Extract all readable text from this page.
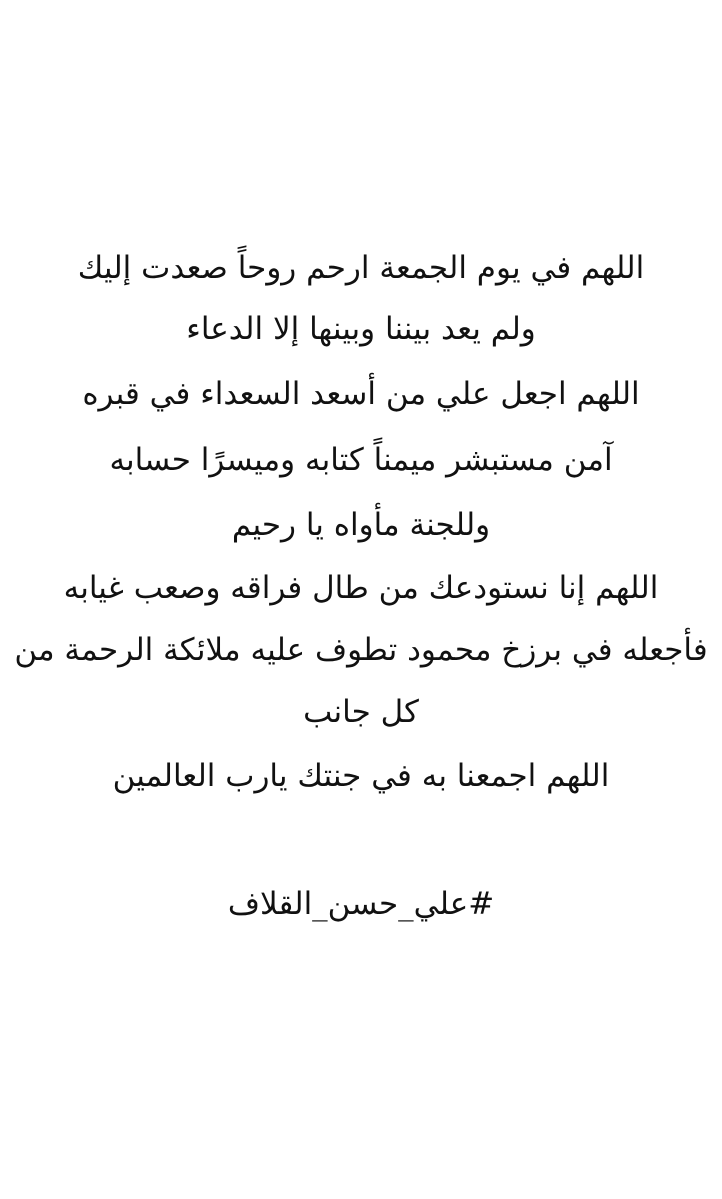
اللهم في يوم الجمعة ارحم روحاً صعدت إليك
ولم يعد بيننا وبينها إلا الدعاء
اللهم اجعل علي من أسعد السعداء في قبره
آمن مستبشر ميمناً كتابه وميسرًا حسابه
وللجنة مأواه يا رحيم
اللهم إنا نستودعك من طال فراقه وصعب غيابه
فأجعله في برزخ محمود تطوف عليه ملائكة الرحمة من
كل جانب
اللهم اجمعنا به في جنتك يارب العالمين
#علي_حسن_القلاف
